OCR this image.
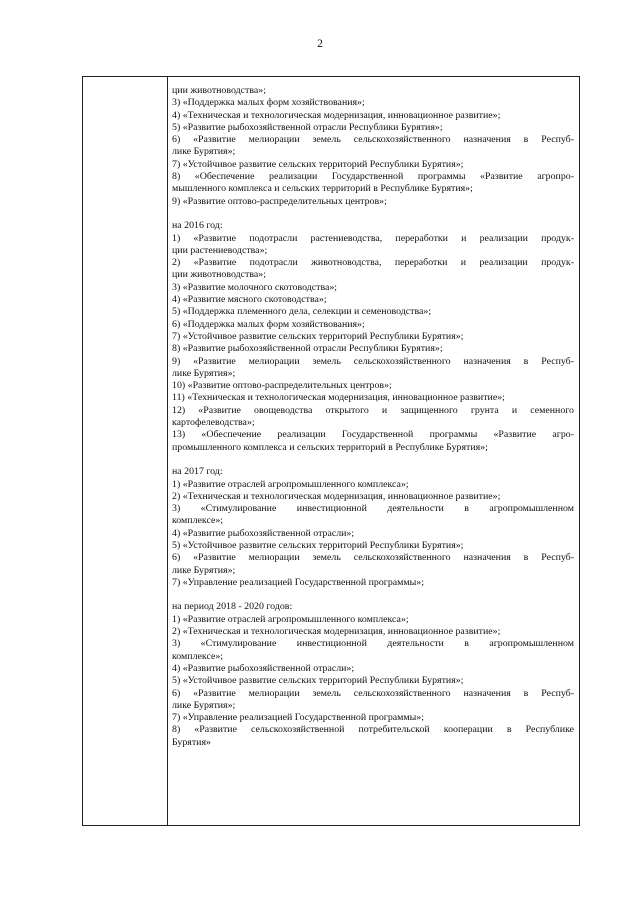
2
ции животноводства»;
3) «Поддержка малых форм хозяйствования»;
4) «Техническая и технологическая модернизация, инновационное развитие»;
5) «Развитие рыбохозяйственной отрасли Республики Бурятия»;
6) «Развитие мелиорации земель сельскохозяйственного назначения в Респуб-
лике Бурятия»;
7) «Устойчивое развитие сельских территорий Республики Бурятия»;
8) «Обеспечение реализации Государственной программы «Развитие агропро-
мышленного комплекса и сельских территорий в Республике Бурятия»;
9) «Развитие оптово-распределительных центров»;
на 2016 год:
1) «Развитие подотрасли растениеводства, переработки и реализации продук-
ции растениеводства»;
2) «Развитие подотрасли животноводства, переработки и реализации продук-
ции животноводства»;
3) «Развитие молочного скотоводства»;
4) «Развитие мясного скотоводства»;
5) «Поддержка племенного дела, селекции и семеноводства»;
6) «Поддержка малых форм хозяйствования»;
7) «Устойчивое развитие сельских территорий Республики Бурятия»;
8) «Развитие рыбохозяйственной отрасли Республики Бурятия»;
9) «Развитие мелиорации земель сельскохозяйственного назначения в Респуб-
лике Бурятия»;
10) «Развитие оптово-распределительных центров»;
11) «Техническая и технологическая модернизация, инновационное развитие»;
12) «Развитие овощеводства открытого и защищенного грунта и семенного
картофелеводства»;
13) «Обеспечение реализации Государственной программы «Развитие агро-
промышленного комплекса и сельских территорий в Республике Бурятия»;
на 2017 год:
1) «Развитие отраслей агропромышленного комплекса»;
2) «Техническая и технологическая модернизация, инновационное развитие»;
3) «Стимулирование инвестиционной деятельности в агропромышленном
комплексе»;
4) «Развитие рыбохозяйственной отрасли»;
5) «Устойчивое развитие сельских территорий Республики Бурятия»;
6) «Развитие мелиорации земель сельскохозяйственного назначения в Респуб-
лике Бурятия»;
7) «Управление реализацией Государственной программы»;
на период 2018 - 2020 годов:
1) «Развитие отраслей агропромышленного комплекса»;
2) «Техническая и технологическая модернизация, инновационное развитие»;
3) «Стимулирование инвестиционной деятельности в агропромышленном
комплексе»;
4) «Развитие рыбохозяйственной отрасли»;
5) «Устойчивое развитие сельских территорий Республики Бурятия»;
6) «Развитие мелиорации земель сельскохозяйственного назначения в Респуб-
лике Бурятия»;
7) «Управление реализацией Государственной программы»;
8) «Развитие сельскохозяйственной потребительской кооперации в Республике
Бурятия»
